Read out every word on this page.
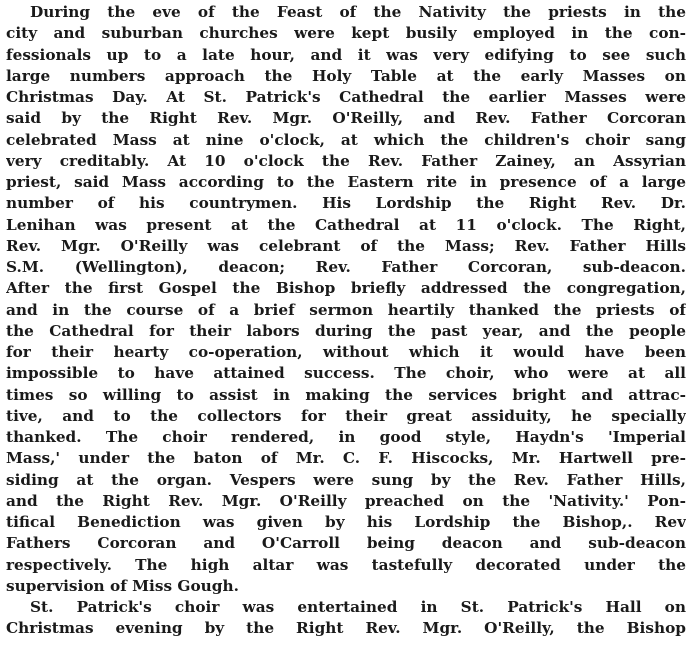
During the eve of the Feast of the Nativity the priests in the
city and suburban churches were kept busily employed in the con-
fessionals up to a late hour, and it was very edifying to see such
large numbers approach the Holy Table at the early Masses on
Christmas Day. At St. Patrick's Cathedral the earlier Masses were
said by the Right Rev. Mgr. O'Reilly, and Rev. Father Corcoran
celebrated Mass at nine o'clock, at which the children's choir sang
very creditably. At 10 o'clock the Rev. Father Zainey, an Assyrian
priest, said Mass according to the Eastern rite in presence of a large
number of his countrymen. His Lordship the Right Rev. Dr.
Lenihan was present at the Cathedral at 11 o'clock. The Right,
Rev. Mgr. O'Reilly was celebrant of the Mass; Rev. Father Hills
S.M. (Wellington), deacon; Rev. Father Corcoran, sub-deacon.
After the first Gospel the Bishop briefly addressed the congregation,
and in the course of a brief sermon heartily thanked the priests of
the Cathedral for their labors during the past year, and the people
for their hearty co-operation, without which it would have been
impossible to have attained success. The choir, who were at all
times so willing to assist in making the services bright and attrac-
tive, and to the collectors for their great assiduity, he specially
thanked. The choir rendered, in good style, Haydn's 'Imperial
Mass,' under the baton of Mr. C. F. Hiscocks, Mr. Hartwell pre-
siding at the organ. Vespers were sung by the Rev. Father Hills,
and the Right Rev. Mgr. O'Reilly preached on the 'Nativity.' Pon-
tifical Benediction was given by his Lordship the Bishop,. Rev
Fathers Corcoran and O'Carroll being deacon and sub-deacon
respectively. The high altar was tastefully decorated under the
supervision of Miss Gough.
St. Patrick's choir was entertained in St. Patrick's Hall on
Christmas evening by the Right Rev. Mgr. O'Reilly, the Bishop
